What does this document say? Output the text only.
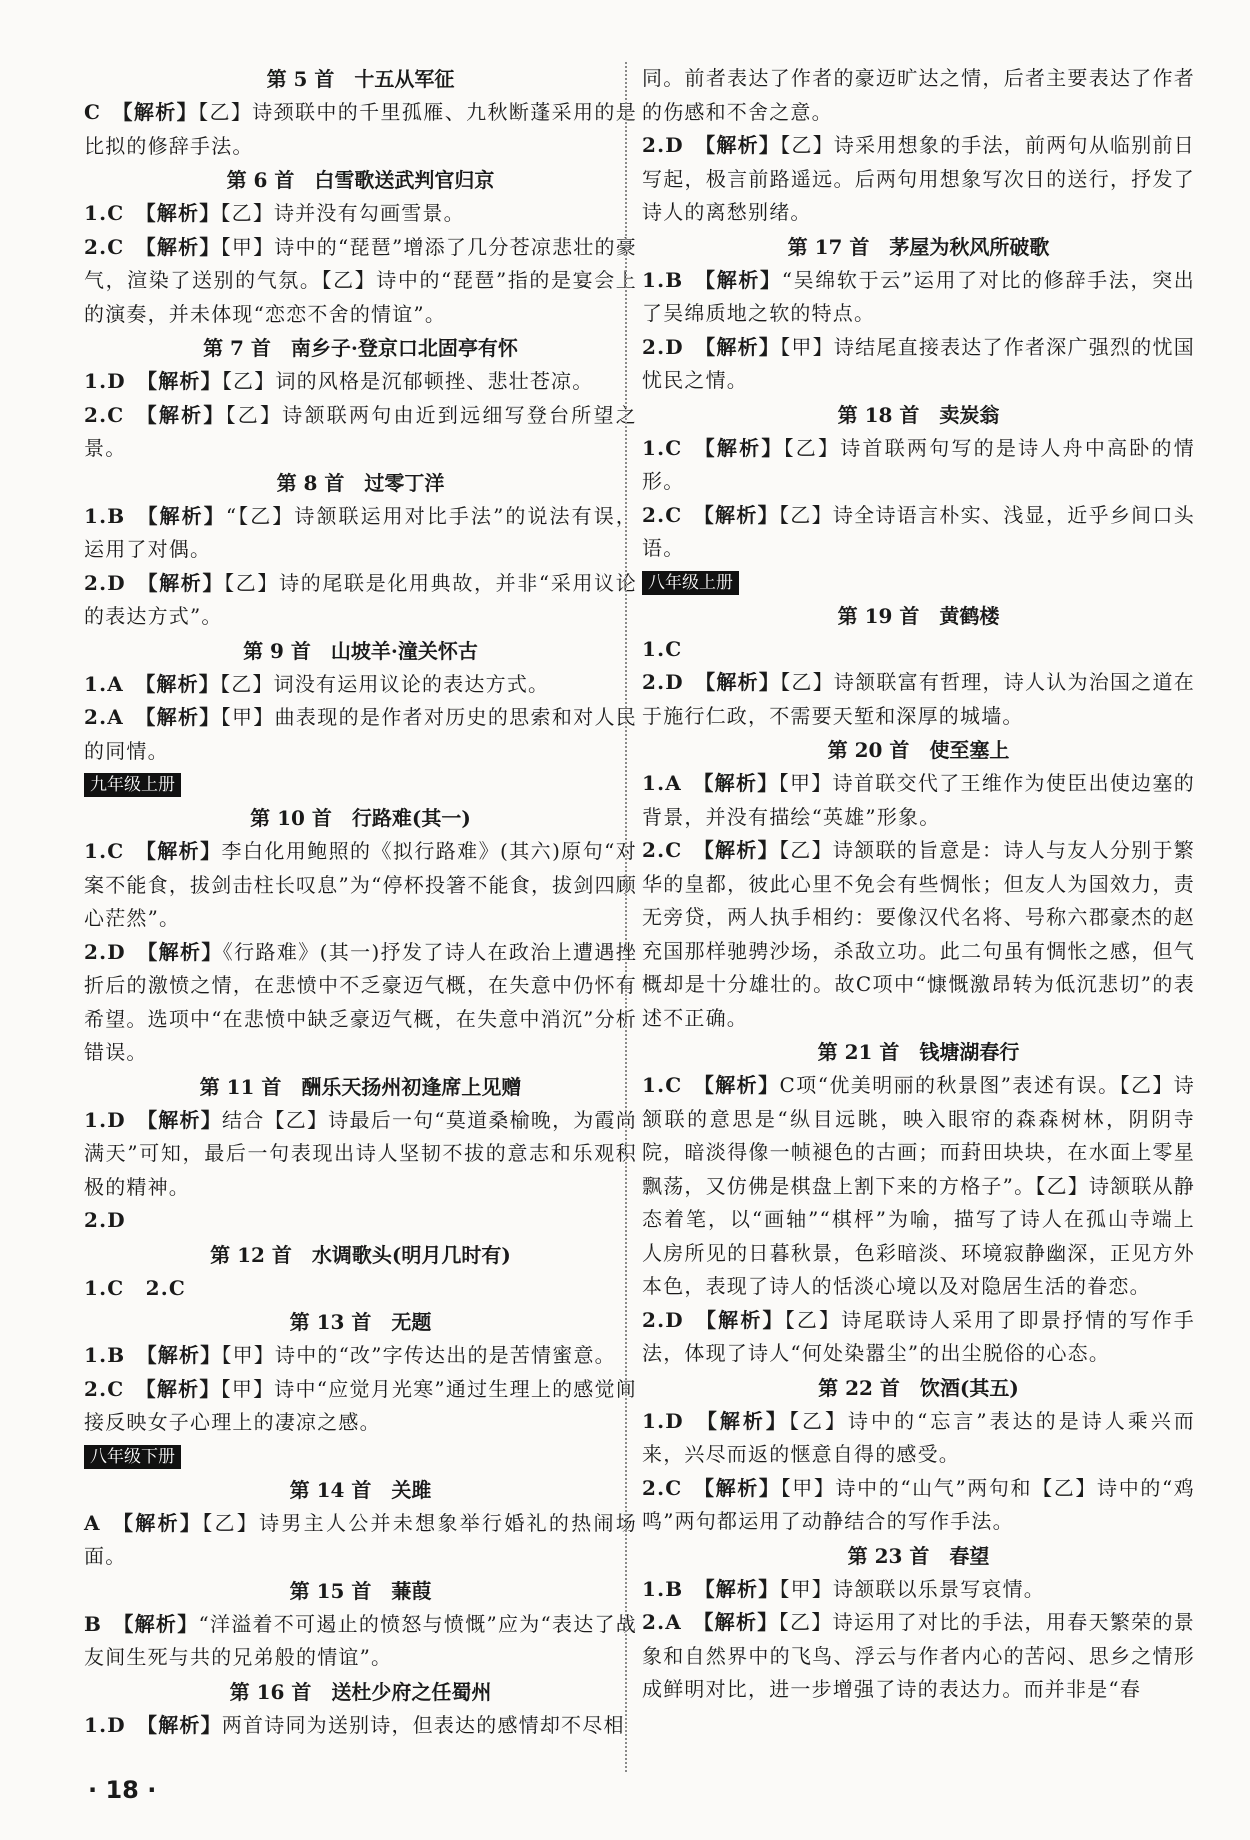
第 5 首　十五从军征

C  【解析】【乙】诗颈联中的千里孤雁、九秋断蓬采用的是比拟的修辞手法。

第 6 首　白雪歌送武判官归京

1.C  【解析】【乙】诗并没有勾画雪景。

2.C  【解析】【甲】诗中的“琵琶”增添了几分苍凉悲壮的豪气，渲染了送别的气氛。【乙】诗中的“琵琶”指的是宴会上的演奏，并未体现“恋恋不舍的情谊”。

第 7 首　南乡子·登京口北固亭有怀

1.D  【解析】【乙】词的风格是沉郁顿挫、悲壮苍凉。

2.C  【解析】【乙】诗颔联两句由近到远细写登台所望之景。

第 8 首　过零丁洋

1.B  【解析】“【乙】诗颔联运用对比手法”的说法有误，运用了对偶。

2.D  【解析】【乙】诗的尾联是化用典故，并非“采用议论的表达方式”。

第 9 首　山坡羊·潼关怀古

1.A  【解析】【乙】词没有运用议论的表达方式。

2.A  【解析】【甲】曲表现的是作者对历史的思索和对人民的同情。

九年级上册
第 10 首　行路难(其一)

1.C  【解析】李白化用鲍照的《拟行路难》(其六)原句“对案不能食，拔剑击柱长叹息”为“停杯投箸不能食，拔剑四顾心茫然”。

2.D  【解析】《行路难》(其一)抒发了诗人在政治上遭遇挫折后的激愤之情，在悲愤中不乏豪迈气概，在失意中仍怀有希望。选项中“在悲愤中缺乏豪迈气概，在失意中消沉”分析错误。

第 11 首　酬乐天扬州初逢席上见赠

1.D  【解析】结合【乙】诗最后一句“莫道桑榆晚，为霞尚满天”可知，最后一句表现出诗人坚韧不拔的意志和乐观积极的精神。

2.D 

第 12 首　水调歌头(明月几时有)

1.C　2.C 

第 13 首　无题

1.B  【解析】【甲】诗中的“改”字传达出的是苦情蜜意。

2.C  【解析】【甲】诗中“应觉月光寒”通过生理上的感觉间接反映女子心理上的凄凉之感。

八年级下册
第 14 首　关雎

A  【解析】【乙】诗男主人公并未想象举行婚礼的热闹场面。

第 15 首　蒹葭

B  【解析】“洋溢着不可遏止的愤怒与愤慨”应为“表达了战友间生死与共的兄弟般的情谊”。

第 16 首　送杜少府之任蜀州

1.D  【解析】两首诗同为送别诗，但表达的感情却不尽相

同。前者表达了作者的豪迈旷达之情，后者主要表达了作者的伤感和不舍之意。

2.D  【解析】【乙】诗采用想象的手法，前两句从临别前日写起，极言前路遥远。后两句用想象写次日的送行，抒发了诗人的离愁别绪。

第 17 首　茅屋为秋风所破歌

1.B  【解析】“吴绵软于云”运用了对比的修辞手法，突出了吴绵质地之软的特点。

2.D  【解析】【甲】诗结尾直接表达了作者深广强烈的忧国忧民之情。

第 18 首　卖炭翁

1.C  【解析】【乙】诗首联两句写的是诗人舟中高卧的情形。

2.C  【解析】【乙】诗全诗语言朴实、浅显，近乎乡间口头语。

八年级上册
第 19 首　黄鹤楼

1.C 

2.D  【解析】【乙】诗颔联富有哲理，诗人认为治国之道在于施行仁政，不需要天堑和深厚的城墙。

第 20 首　使至塞上

1.A  【解析】【甲】诗首联交代了王维作为使臣出使边塞的背景，并没有描绘“英雄”形象。

2.C  【解析】【乙】诗颔联的旨意是：诗人与友人分别于繁华的皇都，彼此心里不免会有些惆怅；但友人为国效力，责无旁贷，两人执手相约：要像汉代名将、号称六郡豪杰的赵充国那样驰骋沙场，杀敌立功。此二句虽有惆怅之感，但气概却是十分雄壮的。故C项中“慷慨激昂转为低沉悲切”的表述不正确。

第 21 首　钱塘湖春行

1.C  【解析】C项“优美明丽的秋景图”表述有误。【乙】诗颔联的意思是“纵目远眺，映入眼帘的森森树林，阴阴寺院，暗淡得像一帧褪色的古画；而葑田块块，在水面上零星飘荡，又仿佛是棋盘上割下来的方格子”。【乙】诗颔联从静态着笔，以“画轴”“棋枰”为喻，描写了诗人在孤山寺端上人房所见的日暮秋景，色彩暗淡、环境寂静幽深，正见方外本色，表现了诗人的恬淡心境以及对隐居生活的眷恋。

2.D  【解析】【乙】诗尾联诗人采用了即景抒情的写作手法，体现了诗人“何处染嚣尘”的出尘脱俗的心态。

第 22 首　饮酒(其五)

1.D  【解析】【乙】诗中的“忘言”表达的是诗人乘兴而来，兴尽而返的惬意自得的感受。

2.C  【解析】【甲】诗中的“山气”两句和【乙】诗中的“鸡鸣”两句都运用了动静结合的写作手法。

第 23 首　春望

1.B  【解析】【甲】诗颔联以乐景写哀情。

2.A  【解析】【乙】诗运用了对比的手法，用春天繁荣的景象和自然界中的飞鸟、浮云与作者内心的苦闷、思乡之情形成鲜明对比，进一步增强了诗的表达力。而并非是“春

· 18 ·
